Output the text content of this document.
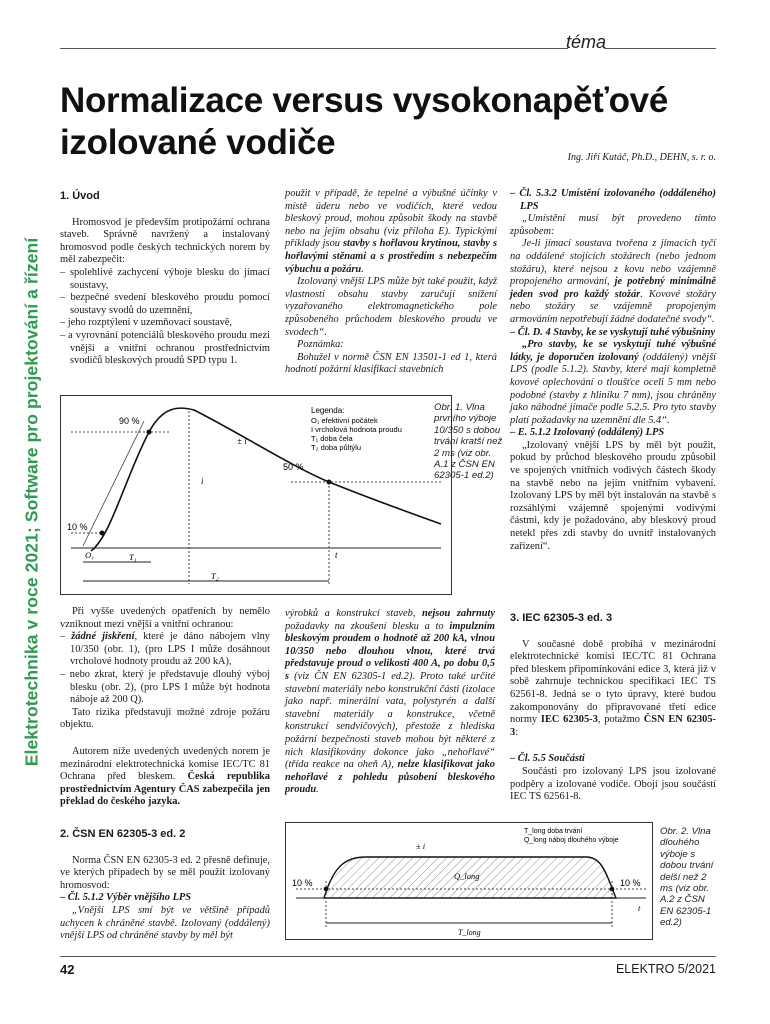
Elektrotechnika v roce 2021; Software pro projektování a řízení
téma
Normalizace versus vysokonapěťové izolované vodiče	Ing. Jiří Kutáč, Ph.D., DEHN, s. r. o.
1. Úvod

Hromosvod je především protipožární ochrana staveb. Správně navržený a instalovaný hromosvod podle českých technických norem by měl zabezpečit:

– spolehlivé zachycení výboje blesku do jímací soustavy,

– bezpečné svedení bleskového proudu pomocí soustavy svodů do uzemnění,

– jeho rozptýlení v uzemňovací soustavě,

– a vyrovnání potenciálů bleskového proudu mezi vnější a vnitřní ochranou prostřednictvím svodičů bleskových proudů SPD typu 1.

použit v případě, že tepelné a výbušné účinky v místě úderu nebo ve vodičích, které vedou bleskový proud, mohou způsobit škody na stavbě nebo na jejím obsahu (viz příloha E). Typickými příklady jsou stavby s hořlavou krytinou, stavby s hořlavými stěnami a s prostředím s nebezpečím výbuchu a požáru.

Izolovaný vnější LPS může být také použit, když vlastnosti obsahu stavby zaručují snížení vyzařovaného elektromagnetického pole způsobeného průchodem bleskového proudu ve svodech“.

Poznámka:

Bohužel v normě ČSN EN 13501-1 ed 1, která hodnotí požární klasifikaci stavebních

– Čl. 5.3.2 Umístění izolovaného (oddáleného) LPS

„Umístění musí být provedeno tímto způsobem:

Je-li jímací soustava tvořena z jímacích tyčí na oddálené stojících stožárech (nebo jednom stožáru), které nejsou z kovu nebo vzájemně propojeného armování, je potřebný minimálně jeden svod pro každý stožár. Kovové stožáry nebo stožáry se vzájemně propojeným armováním nepotřebují žádné dodatečné svody“.

– Čl. D. 4 Stavby, ke se vyskytují tuhé výbušniny

„Pro stavby, ke se vyskytují tuhé výbušné látky, je doporučen izolovaný (oddálený) vnější LPS (podle 5.1.2). Stavby, které mají kompletně kovové oplechování o tloušťce oceli 5 mm nebo podobné (stavby z hliníku 7 mm), jsou chráněny jako náhodné jímače podle 5.2.5. Pro tyto stavby platí požadavky na uzemnění dle 5.4“.

– E. 5.1.2 Izolovaný (oddálený) LPS

„Izolovaný vnější LPS by měl být použit, pokud by průchod bleskového proudu způsobil ve spojených vnitřních vodivých částech škody na stavbě nebo na jejím vnitřním vybavení. Izolovaný LPS by měl být instalován na stavbě s rozsáhlými vzájemně spojenými vodivými částmi, kdy je požadováno, aby bleskový proud netekl přes zdi stavby do uvnitř instalovaných zařízení“.

90 %
50 %
10 %
i
t
± i
O₁	T₁
T₂
Legenda:
O₁ efektivní počátek
I vrcholová hodnota proudu
T₁ doba čela
T₂ doba půltýlu
Obr. 1. Vlna prvního výboje 10/350 s dobou trvání kratší než 2 ms (viz obr. A.1 z ČSN EN 62305-1 ed.2)

Při vyšše uvedených opatřeních by nemělo vzniknout mezi vnější a vnitřní ochranou:

– žádné jiskření, které je dáno nábojem vlny 10/350 (obr. 1), (pro LPS I může dosáhnout vrcholové hodnoty proudu až 200 kA),

– nebo zkrat, který je představuje dlouhý výboj blesku (obr. 2), (pro LPS I může být hodnota náboje až 200 Q).

Tato rizika představují možné zdroje požáru objektu.

Autorem níže uvedených uvedených norem je mezinárodní elektrotechnická komise IEC/TC 81 Ochrana před bleskem. Česká republika prostřednictvím Agentury ČAS zabezpečila jen překlad do českého jazyka.

2. ČSN EN 62305-3 ed. 2

Norma ČSN EN 62305-3 ed. 2 přesně definuje, ve kterých případech by se měl použít izolovaný hromosvod:

– Čl. 5.1.2 Výběr vnějšího LPS

„Vnější LPS smí být ve většině případů uchycen k chráněné stavbě. Izolovaný (oddálený) vnější LPS od chráněné stavby by měl být

výrobků a konstrukcí staveb, nejsou zahrnuty požadavky na zkoušení blesku a to impulzním bleskovým proudem o hodnotě až 200 kA, vlnou 10/350 nebo dlouhou vlnou, které trvá představuje proud o velikosti 400 A, po dobu 0,5 s (viz ČN EN 62305-1 ed.2). Proto také určité stavební materiály nebo konstrukční části (izolace jako např. minerální vata, polystyrén a další stavební materiály a konstrukce, včetně konstrukcí sendvičových), přestože z hlediska požární bezpečnosti staveb mohou být některé z nich klasifikovány dokonce jako „nehořlavé“ (třída reakce na oheň A), nelze klasifikovat jako nehořlavé z pohledu působení bleskového proudu.

3. IEC 62305-3 ed. 3

V současné době probíhá v mezinárodní elektrotechnické komisi IEC/TC 81 Ochrana před bleskem připomínkování edice 3, která již v sobě zahrnuje technickou specifikaci IEC TS 62561-8. Jedná se o tyto úpravy, které budou zakomponovány do připravované třetí edice normy IEC 62305-3, potažmo ČSN EN 62305-3:

– Čl. 5.5 Součásti

Součásti pro izolovaný LPS jsou izolované podpěry a izolované vodiče. Obojí jsou součástí IEC TS 62561-8.

± i
Q_long
10 %	10 %
t
T_long
T_long doba trvání
Q_long náboj dlouhého výboje
Obr. 2. Vlna dlouhého výboje s dobou trvání delší než 2 ms (viz obr. A.2 z ČSN EN 62305-1 ed.2)
42	ELEKTRO 5/2021
